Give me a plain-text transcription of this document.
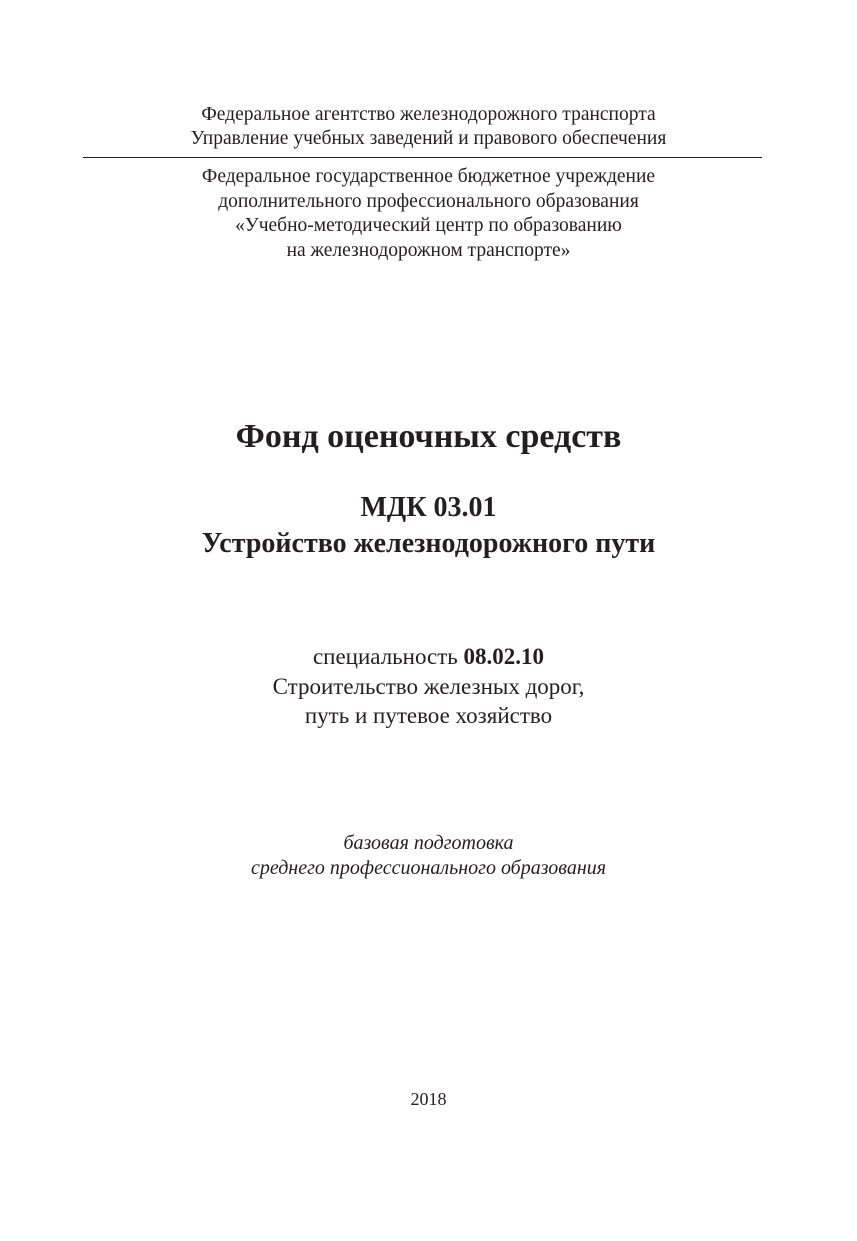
Федеральное агентство железнодорожного транспорта

Управление учебных заведений и правового обеспечения

Федеральное государственное бюджетное учреждение

дополнительного профессионального образования

«Учебно-методический центр по образованию

на железнодорожном транспорте»

Фонд оценочных средств

МДК 03.01

Устройство железнодорожного пути

специальность 08.02.10

Строительство железных дорог,

путь и путевое хозяйство

базовая подготовка

среднего профессионального образования

2018
